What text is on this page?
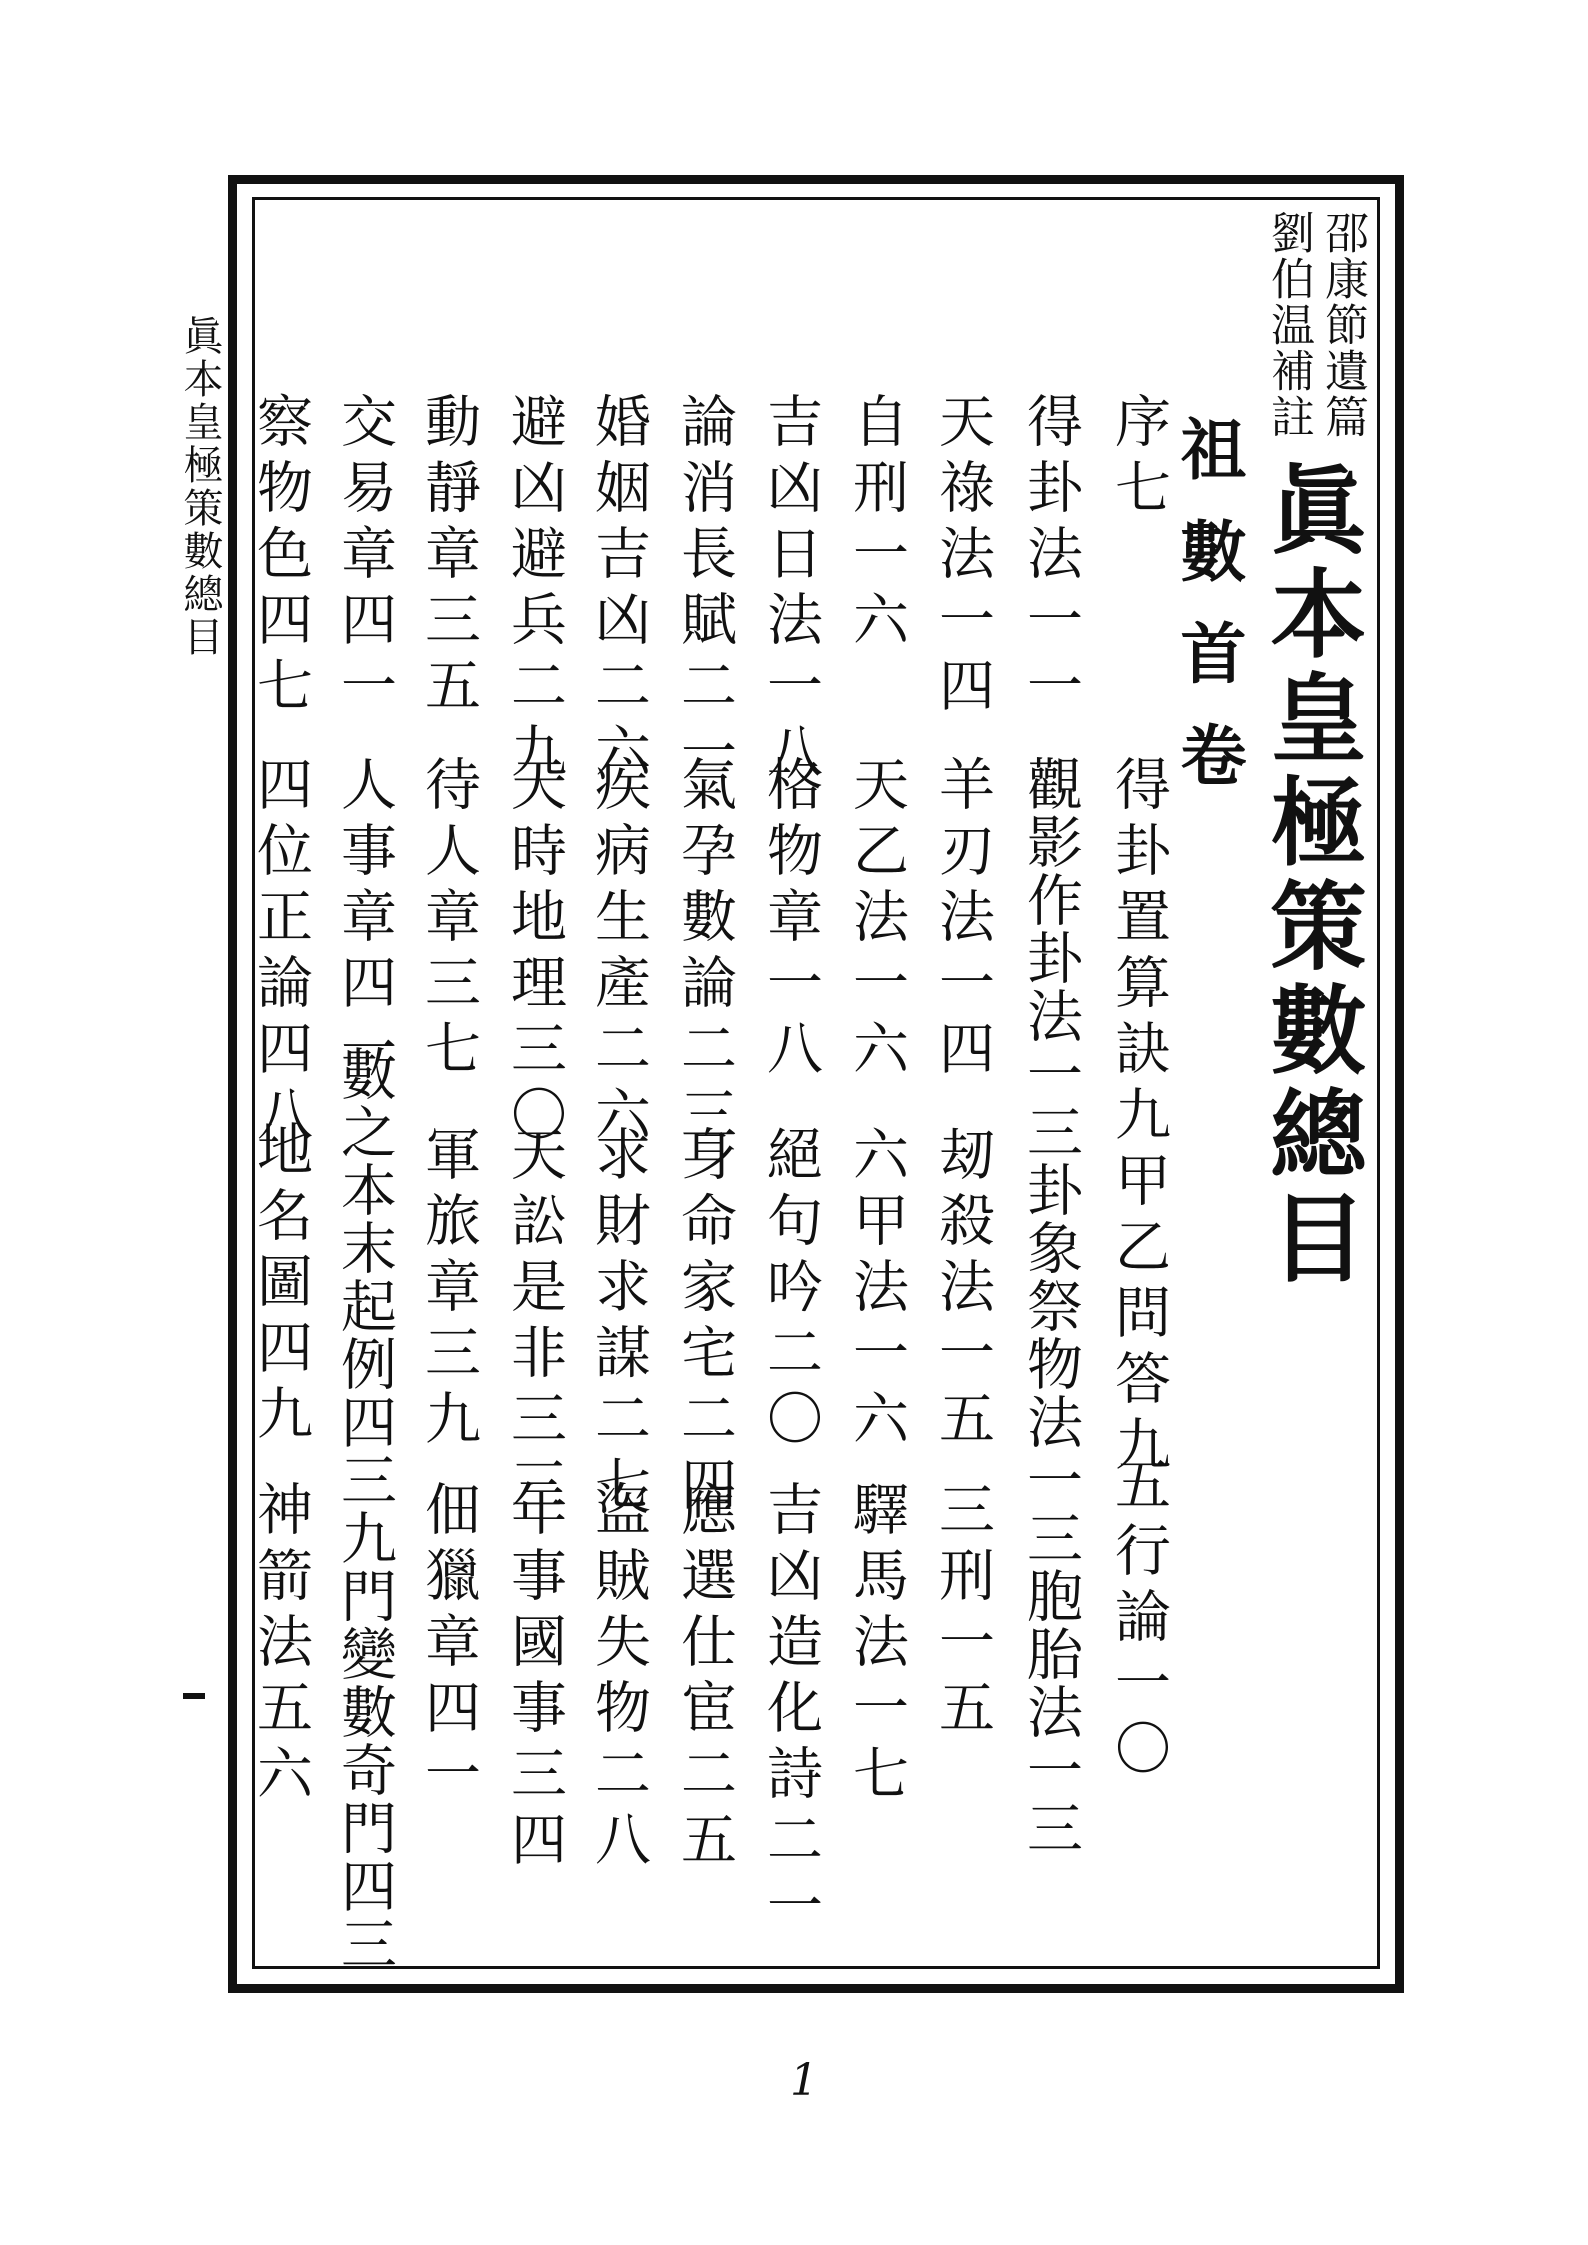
眞本皇極策數總目	邵康節遺篇
劉伯温補註
眞本皇極策數總目
祖數首卷
序七
得卦置算訣九甲乙問答九
五行論一〇
得卦法一一
觀影作卦法一三卦象祭物法一三胞胎法一三
天祿法一四
羊刃法一四
刼殺法一五
三刑一五
自刑一六
天乙法一六
六甲法一六
驛馬法一七
吉凶日法一八
格物章一八
絕句吟二〇
吉凶造化詩二一
論消長賦二一
氣孕數論二三
身命家宅二四
應選仕宦二五
婚姻吉凶二六
疾病生產二六
求財求謀二七
盜賊失物二八
避凶避兵二九
天時地理三〇
天訟是非三三
年事國事三四
動靜章三五
待人章三七
軍旅章三九
佃獵章四一
交易章四一
人事章四一
數之本末起例四三九門變數奇門四三
察物色四七
四位正論四八
地名圖四九
神箭法五六
1
